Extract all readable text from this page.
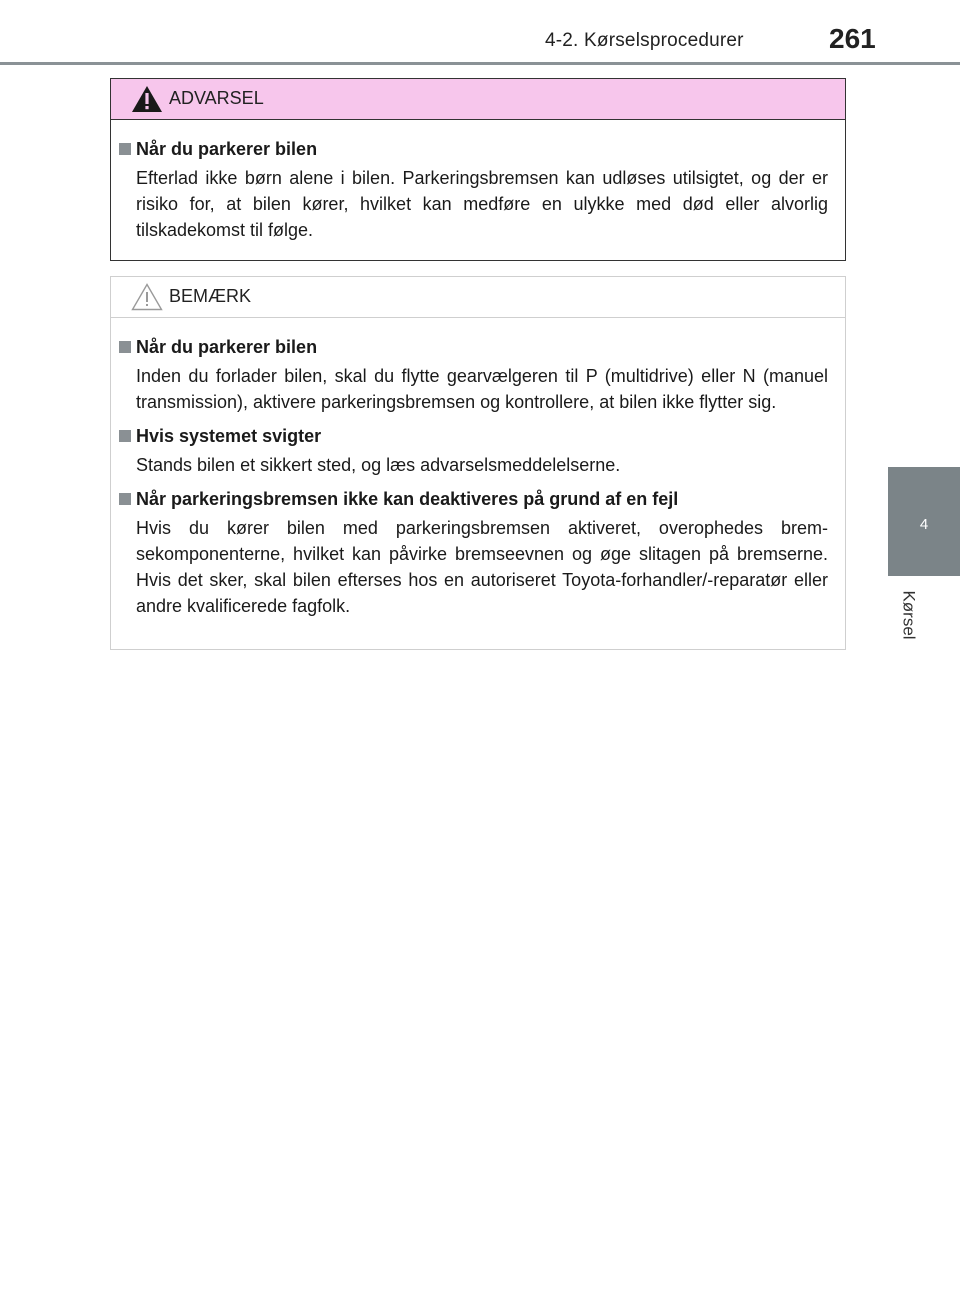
4-2. Kørselsprocedurer	261
4
Kørsel
ADVARSEL
Når du parkerer bilen
Efterlad ikke børn alene i bilen. Parkeringsbremsen kan udløses utilsigtet, og der er risiko for, at bilen kører, hvilket kan medføre en ulykke med død eller alvorlig tilskadekomst til følge.
BEMÆRK
Når du parkerer bilen
Inden du forlader bilen, skal du flytte gearvælgeren til P (multidrive) eller N (manuel transmission), aktivere parkeringsbremsen og kontrollere, at bilen ikke flytter sig.
Hvis systemet svigter
Stands bilen et sikkert sted, og læs advarselsmeddelelserne.
Når parkeringsbremsen ikke kan deaktiveres på grund af en fejl
Hvis du kører bilen med parkeringsbremsen aktiveret, overophedes bremsekomponenterne, hvilket kan påvirke bremseevnen og øge slitagen på bremserne. Hvis det sker, skal bilen efterses hos en autoriseret Toyota-forhandler/-reparatør eller andre kvalificerede fagfolk.
